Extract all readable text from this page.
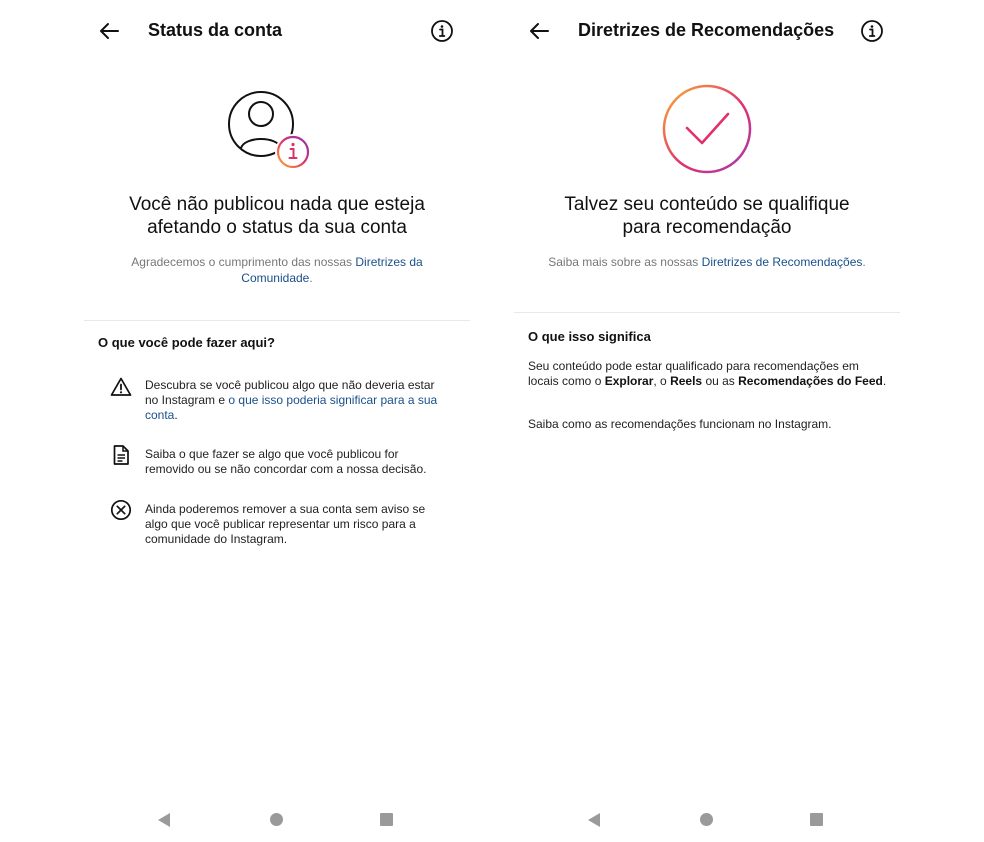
Status da conta
Você não publicou nada que esteja
afetando o status da sua conta
Agradecemos o cumprimento das nossas Diretrizes da Comunidade.
O que você pode fazer aqui?
Descubra se você publicou algo que não deveria estar no Instagram e o que isso poderia significar para a sua conta.
Saiba o que fazer se algo que você publicou for removido ou se não concordar com a nossa decisão.
Ainda poderemos remover a sua conta sem aviso se algo que você publicar representar um risco para a comunidade do Instagram.
Diretrizes de Recomendações
Talvez seu conteúdo se qualifique
para recomendação
Saiba mais sobre as nossas Diretrizes de Recomendações.
O que isso significa
Seu conteúdo pode estar qualificado para recomendações em locais como o Explorar, o Reels ou as Recomendações do Feed.
Saiba como as recomendações funcionam no Instagram.
